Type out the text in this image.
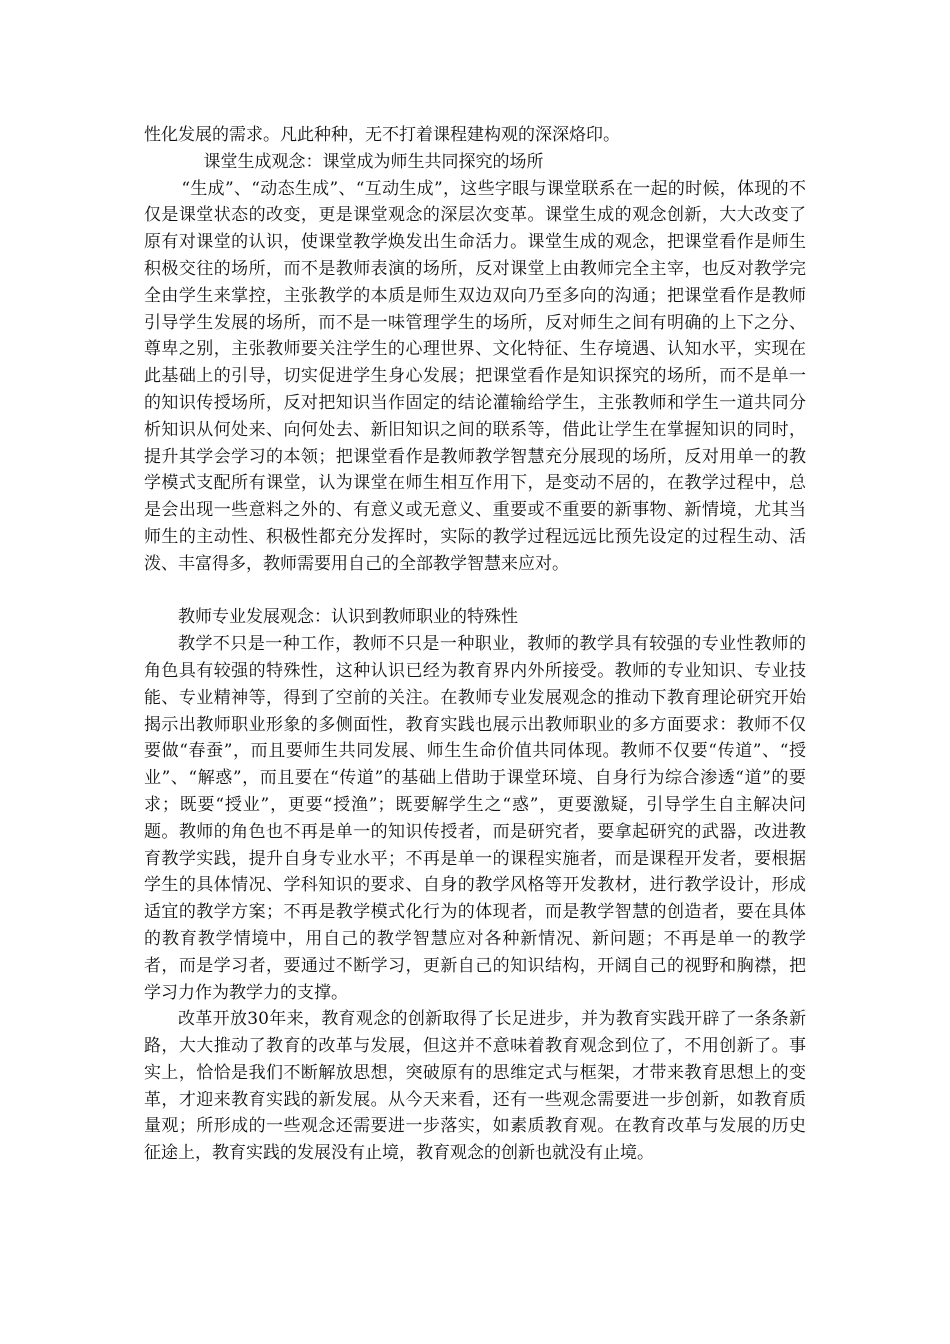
性化发展的需求。凡此种种，无不打着课程建构观的深深烙印。

课堂生成观念：课堂成为师生共同探究的场所

“生成”、“动态生成”、“互动生成”，这些字眼与课堂联系在一起的时候，体现的不仅是课堂状态的改变，更是课堂观念的深层次变革。课堂生成的观念创新，大大改变了原有对课堂的认识，使课堂教学焕发出生命活力。课堂生成的观念，把课堂看作是师生积极交往的场所，而不是教师表演的场所，反对课堂上由教师完全主宰，也反对教学完全由学生来掌控，主张教学的本质是师生双边双向乃至多向的沟通；把课堂看作是教师引导学生发展的场所，而不是一味管理学生的场所，反对师生之间有明确的上下之分、尊卑之别，主张教师要关注学生的心理世界、文化特征、生存境遇、认知水平，实现在此基础上的引导，切实促进学生身心发展；把课堂看作是知识探究的场所，而不是单一的知识传授场所，反对把知识当作固定的结论灌输给学生，主张教师和学生一道共同分析知识从何处来、向何处去、新旧知识之间的联系等，借此让学生在掌握知识的同时，提升其学会学习的本领；把课堂看作是教师教学智慧充分展现的场所，反对用单一的教学模式支配所有课堂，认为课堂在师生相互作用下，是变动不居的，在教学过程中，总是会出现一些意料之外的、有意义或无意义、重要或不重要的新事物、新情境，尤其当师生的主动性、积极性都充分发挥时，实际的教学过程远远比预先设定的过程生动、活泼、丰富得多，教师需要用自己的全部教学智慧来应对。

教师专业发展观念：认识到教师职业的特殊性

教学不只是一种工作，教师不只是一种职业，教师的教学具有较强的专业性教师的角色具有较强的特殊性，这种认识已经为教育界内外所接受。教师的专业知识、专业技能、专业精神等，得到了空前的关注。在教师专业发展观念的推动下教育理论研究开始揭示出教师职业形象的多侧面性，教育实践也展示出教师职业的多方面要求：教师不仅要做“春蚕”，而且要师生共同发展、师生生命价值共同体现。教师不仅要“传道”、“授业”、“解惑”，而且要在“传道”的基础上借助于课堂环境、自身行为综合渗透“道”的要求；既要“授业”，更要“授渔”；既要解学生之“惑”，更要激疑，引导学生自主解决问题。教师的角色也不再是单一的知识传授者，而是研究者，要拿起研究的武器，改进教育教学实践，提升自身专业水平；不再是单一的课程实施者，而是课程开发者，要根据学生的具体情况、学科知识的要求、自身的教学风格等开发教材，进行教学设计，形成适宜的教学方案；不再是教学模式化行为的体现者，而是教学智慧的创造者，要在具体的教育教学情境中，用自己的教学智慧应对各种新情况、新问题；不再是单一的教学者，而是学习者，要通过不断学习，更新自己的知识结构，开阔自己的视野和胸襟，把学习力作为教学力的支撑。

改革开放30年来，教育观念的创新取得了长足进步，并为教育实践开辟了一条条新路，大大推动了教育的改革与发展，但这并不意味着教育观念到位了，不用创新了。事实上，恰恰是我们不断解放思想，突破原有的思维定式与框架，才带来教育思想上的变革，才迎来教育实践的新发展。从今天来看，还有一些观念需要进一步创新，如教育质量观；所形成的一些观念还需要进一步落实，如素质教育观。在教育改革与发展的历史征途上，教育实践的发展没有止境，教育观念的创新也就没有止境。
